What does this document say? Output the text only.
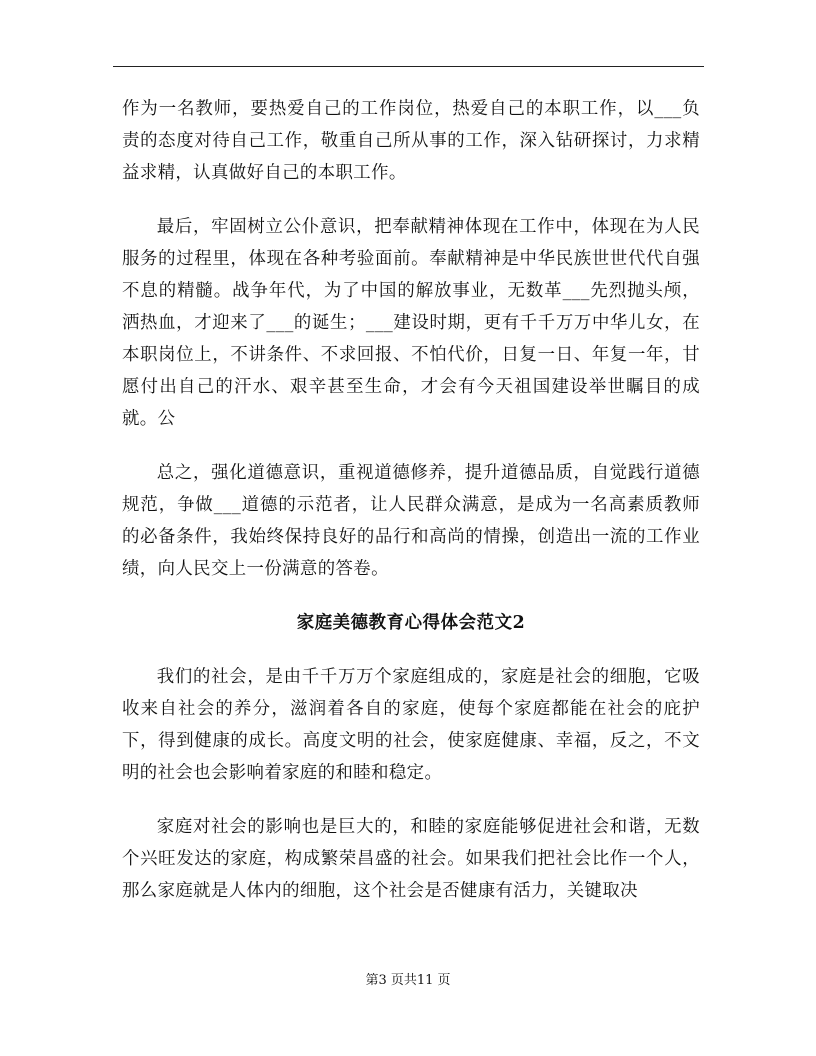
作为一名教师，要热爱自己的工作岗位，热爱自己的本职工作，以___负责的态度对待自己工作，敬重自己所从事的工作，深入钻研探讨，力求精益求精，认真做好自己的本职工作。

最后，牢固树立公仆意识，把奉献精神体现在工作中，体现在为人民服务的过程里，体现在各种考验面前。奉献精神是中华民族世世代代自强不息的精髓。战争年代，为了中国的解放事业，无数革___先烈抛头颅，洒热血，才迎来了___的诞生；___建设时期，更有千千万万中华儿女，在本职岗位上，不讲条件、不求回报、不怕代价，日复一日、年复一年，甘愿付出自己的汗水、艰辛甚至生命，才会有今天祖国建设举世瞩目的成就。公

总之，强化道德意识，重视道德修养，提升道德品质，自觉践行道德规范，争做___道德的示范者，让人民群众满意，是成为一名高素质教师的必备条件，我始终保持良好的品行和高尚的情操，创造出一流的工作业绩，向人民交上一份满意的答卷。

家庭美德教育心得体会范文2

我们的社会，是由千千万万个家庭组成的，家庭是社会的细胞，它吸收来自社会的养分，滋润着各自的家庭，使每个家庭都能在社会的庇护下，得到健康的成长。高度文明的社会，使家庭健康、幸福，反之，不文明的社会也会影响着家庭的和睦和稳定。

家庭对社会的影响也是巨大的，和睦的家庭能够促进社会和谐，无数个兴旺发达的家庭，构成繁荣昌盛的社会。如果我们把社会比作一个人，那么家庭就是人体内的细胞，这个社会是否健康有活力，关键取决

第3 页共11 页
